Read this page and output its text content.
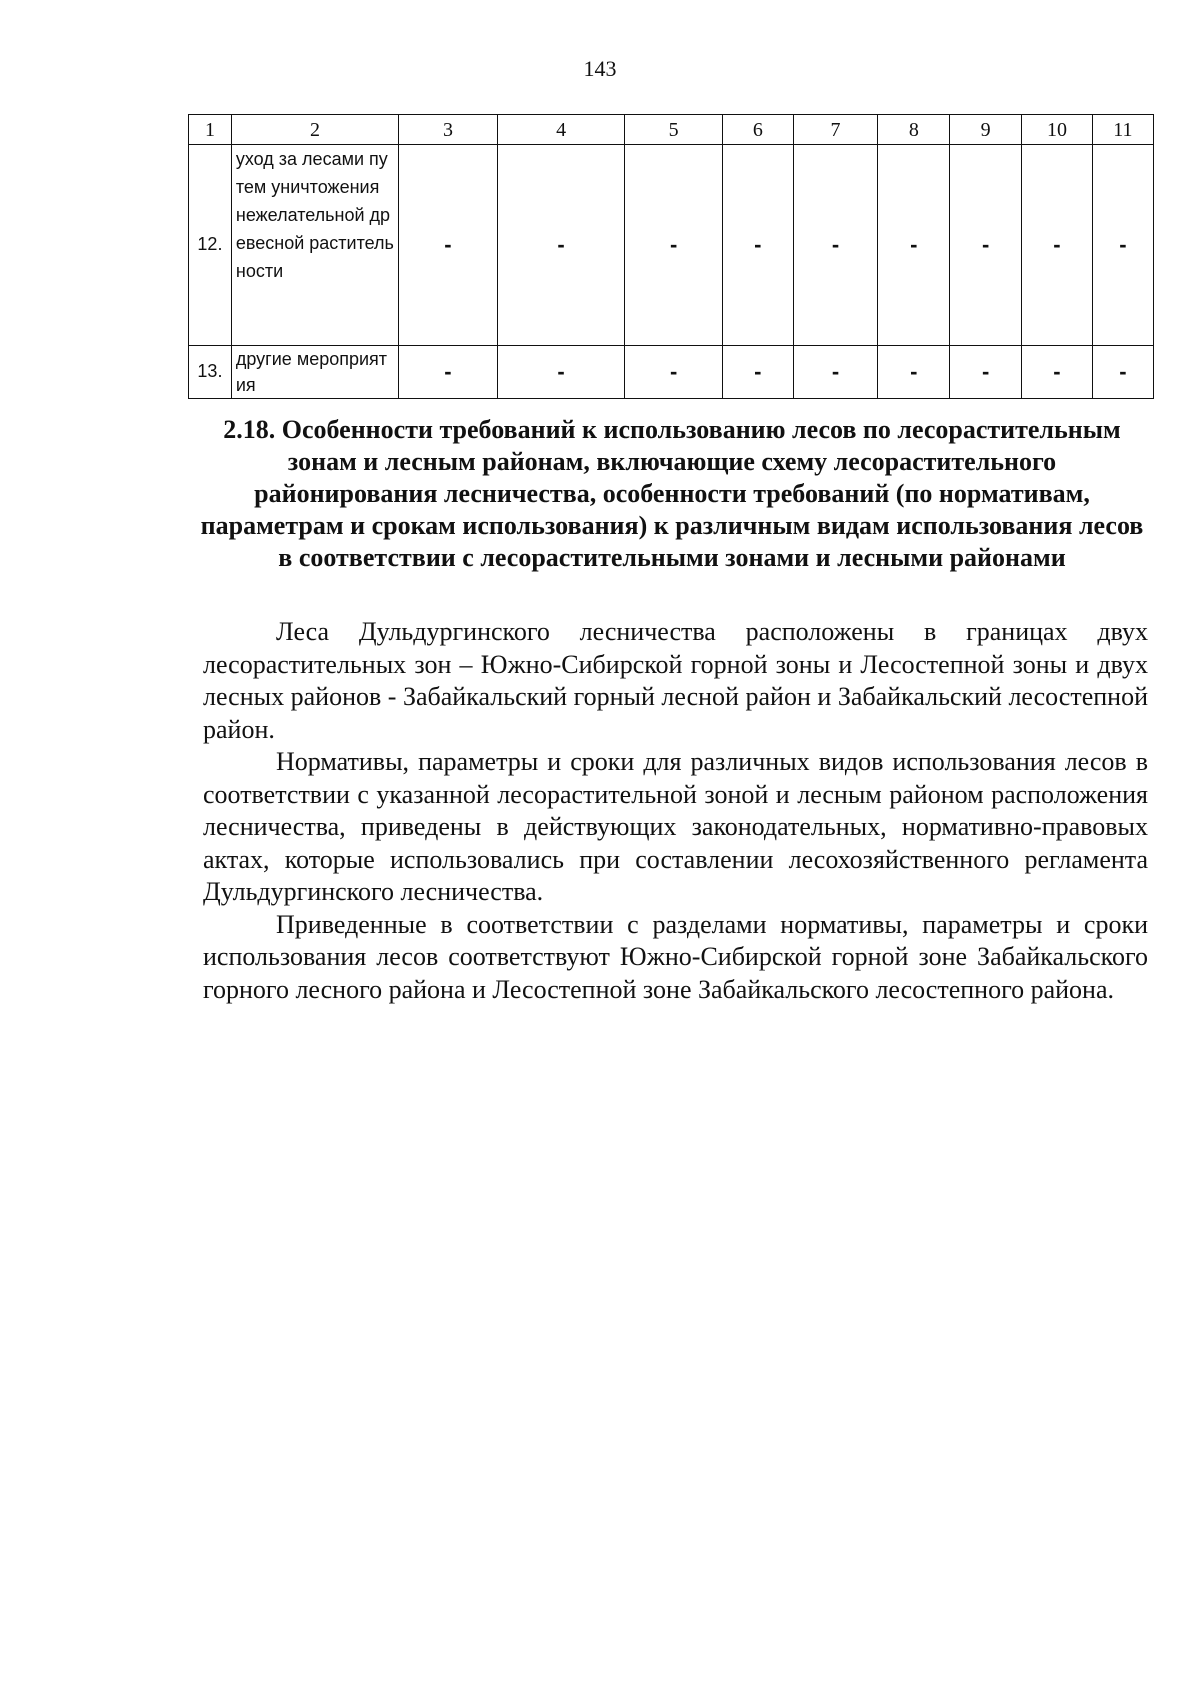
143
1	2	3	4	5	6	7	8	9	10	11
12.	уход за лесами путем уничтожения нежелательной древесной растительности	-	-	-	-	-	-	-	-	-
13.	другие мероприятия	-	-	-	-	-	-	-	-	-
2.18. Особенности требований к использованию лесов по лесорастительным зонам и лесным районам, включающие схему лесорастительного районирования лесничества, особенности требований (по нормативам, параметрам и срокам использования) к различным видам использования лесов в соответствии с лесорастительными зонами и лесными районами

Леса Дульдургинского лесничества расположены в границах двух лесорастительных зон – Южно-Сибирской горной зоны и Лесостепной зоны и двух лесных районов - Забайкальский горный лесной район и Забайкальский лесостепной район.

Нормативы, параметры и сроки для различных видов использования лесов в соответствии с указанной лесорастительной зоной и лесным районом расположения лесничества, приведены в действующих законодательных, нормативно-правовых актах, которые использовались при составлении лесохозяйственного регламента Дульдургинского лесничества.

Приведенные в соответствии с разделами нормативы, параметры и сроки использования лесов соответствуют Южно-Сибирской горной зоне Забайкальского горного лесного района и Лесостепной зоне Забайкальского лесостепного района.
